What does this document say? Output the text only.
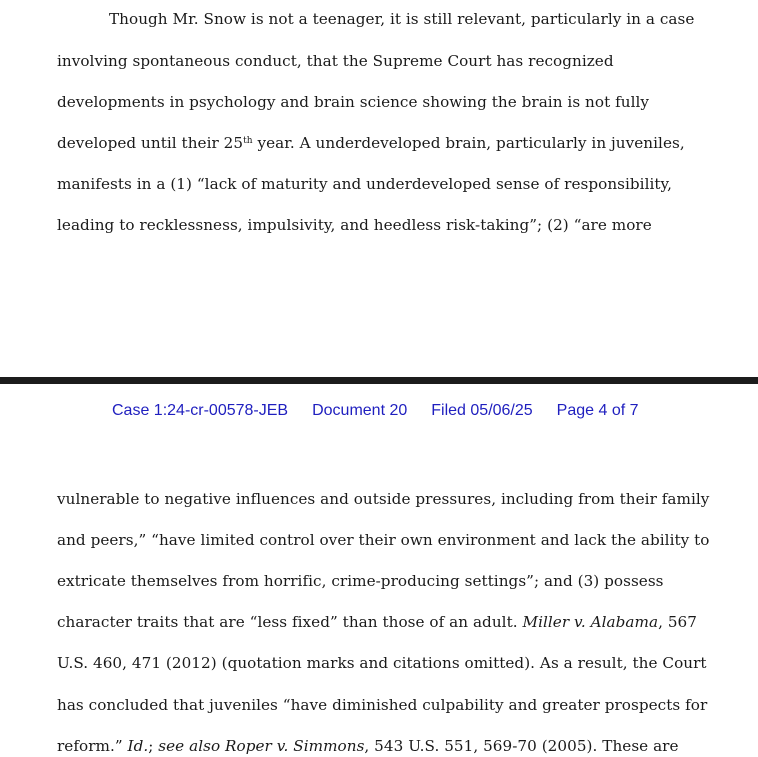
Though Mr. Snow is not a teenager, it is still relevant, particularly in a case
involving spontaneous conduct, that the Supreme Court has recognized
developments in psychology and brain science showing the brain is not fully
developed until their 25th year. A underdeveloped brain, particularly in juveniles,
manifests in a (1) “lack of maturity and underdeveloped sense of responsibility,
leading to recklessness, impulsivity, and heedless risk-taking”; (2) “are more
Case 1:24-cr-00578-JEB Document 20 Filed 05/06/25 Page 4 of 7
vulnerable to negative influences and outside pressures, including from their family
and peers,” “have limited control over their own environment and lack the ability to
extricate themselves from horrific, crime-producing settings”; and (3) possess
character traits that are “less fixed” than those of an adult. Miller v. Alabama, 567
U.S. 460, 471 (2012) (quotation marks and citations omitted). As a result, the Court
has concluded that juveniles “have diminished culpability and greater prospects for
reform.” Id.; see also Roper v. Simmons, 543 U.S. 551, 569-70 (2005). These are
